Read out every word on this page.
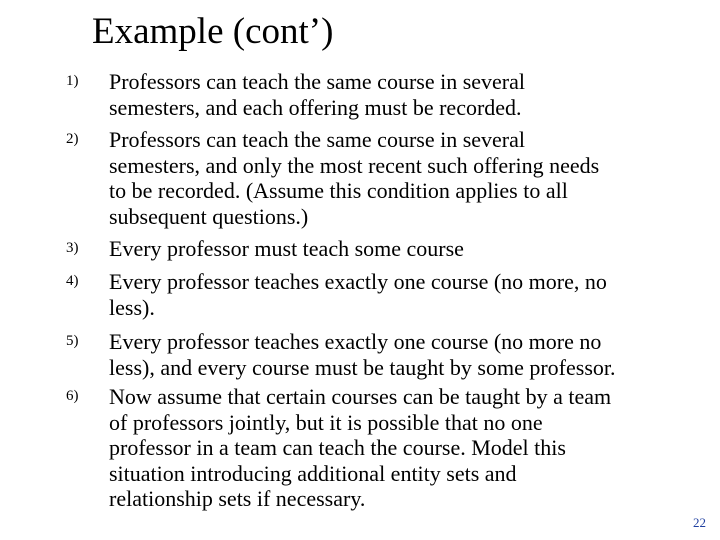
Example (cont’)
1) Professors can teach the same course in several
semesters, and each offering must be recorded.
2) Professors can teach the same course in several
semesters, and only the most recent such offering needs
to be recorded. (Assume this condition applies to all
subsequent questions.)
3) Every professor must teach some course
4) Every professor teaches exactly one course (no more, no
less).
5) Every professor teaches exactly one course (no more no
less), and every course must be taught by some professor.
6) Now assume that certain courses can be taught by a team
of professors jointly, but it is possible that no one
professor in a team can teach the course. Model this
situation introducing additional entity sets and
relationship sets if necessary.
22
